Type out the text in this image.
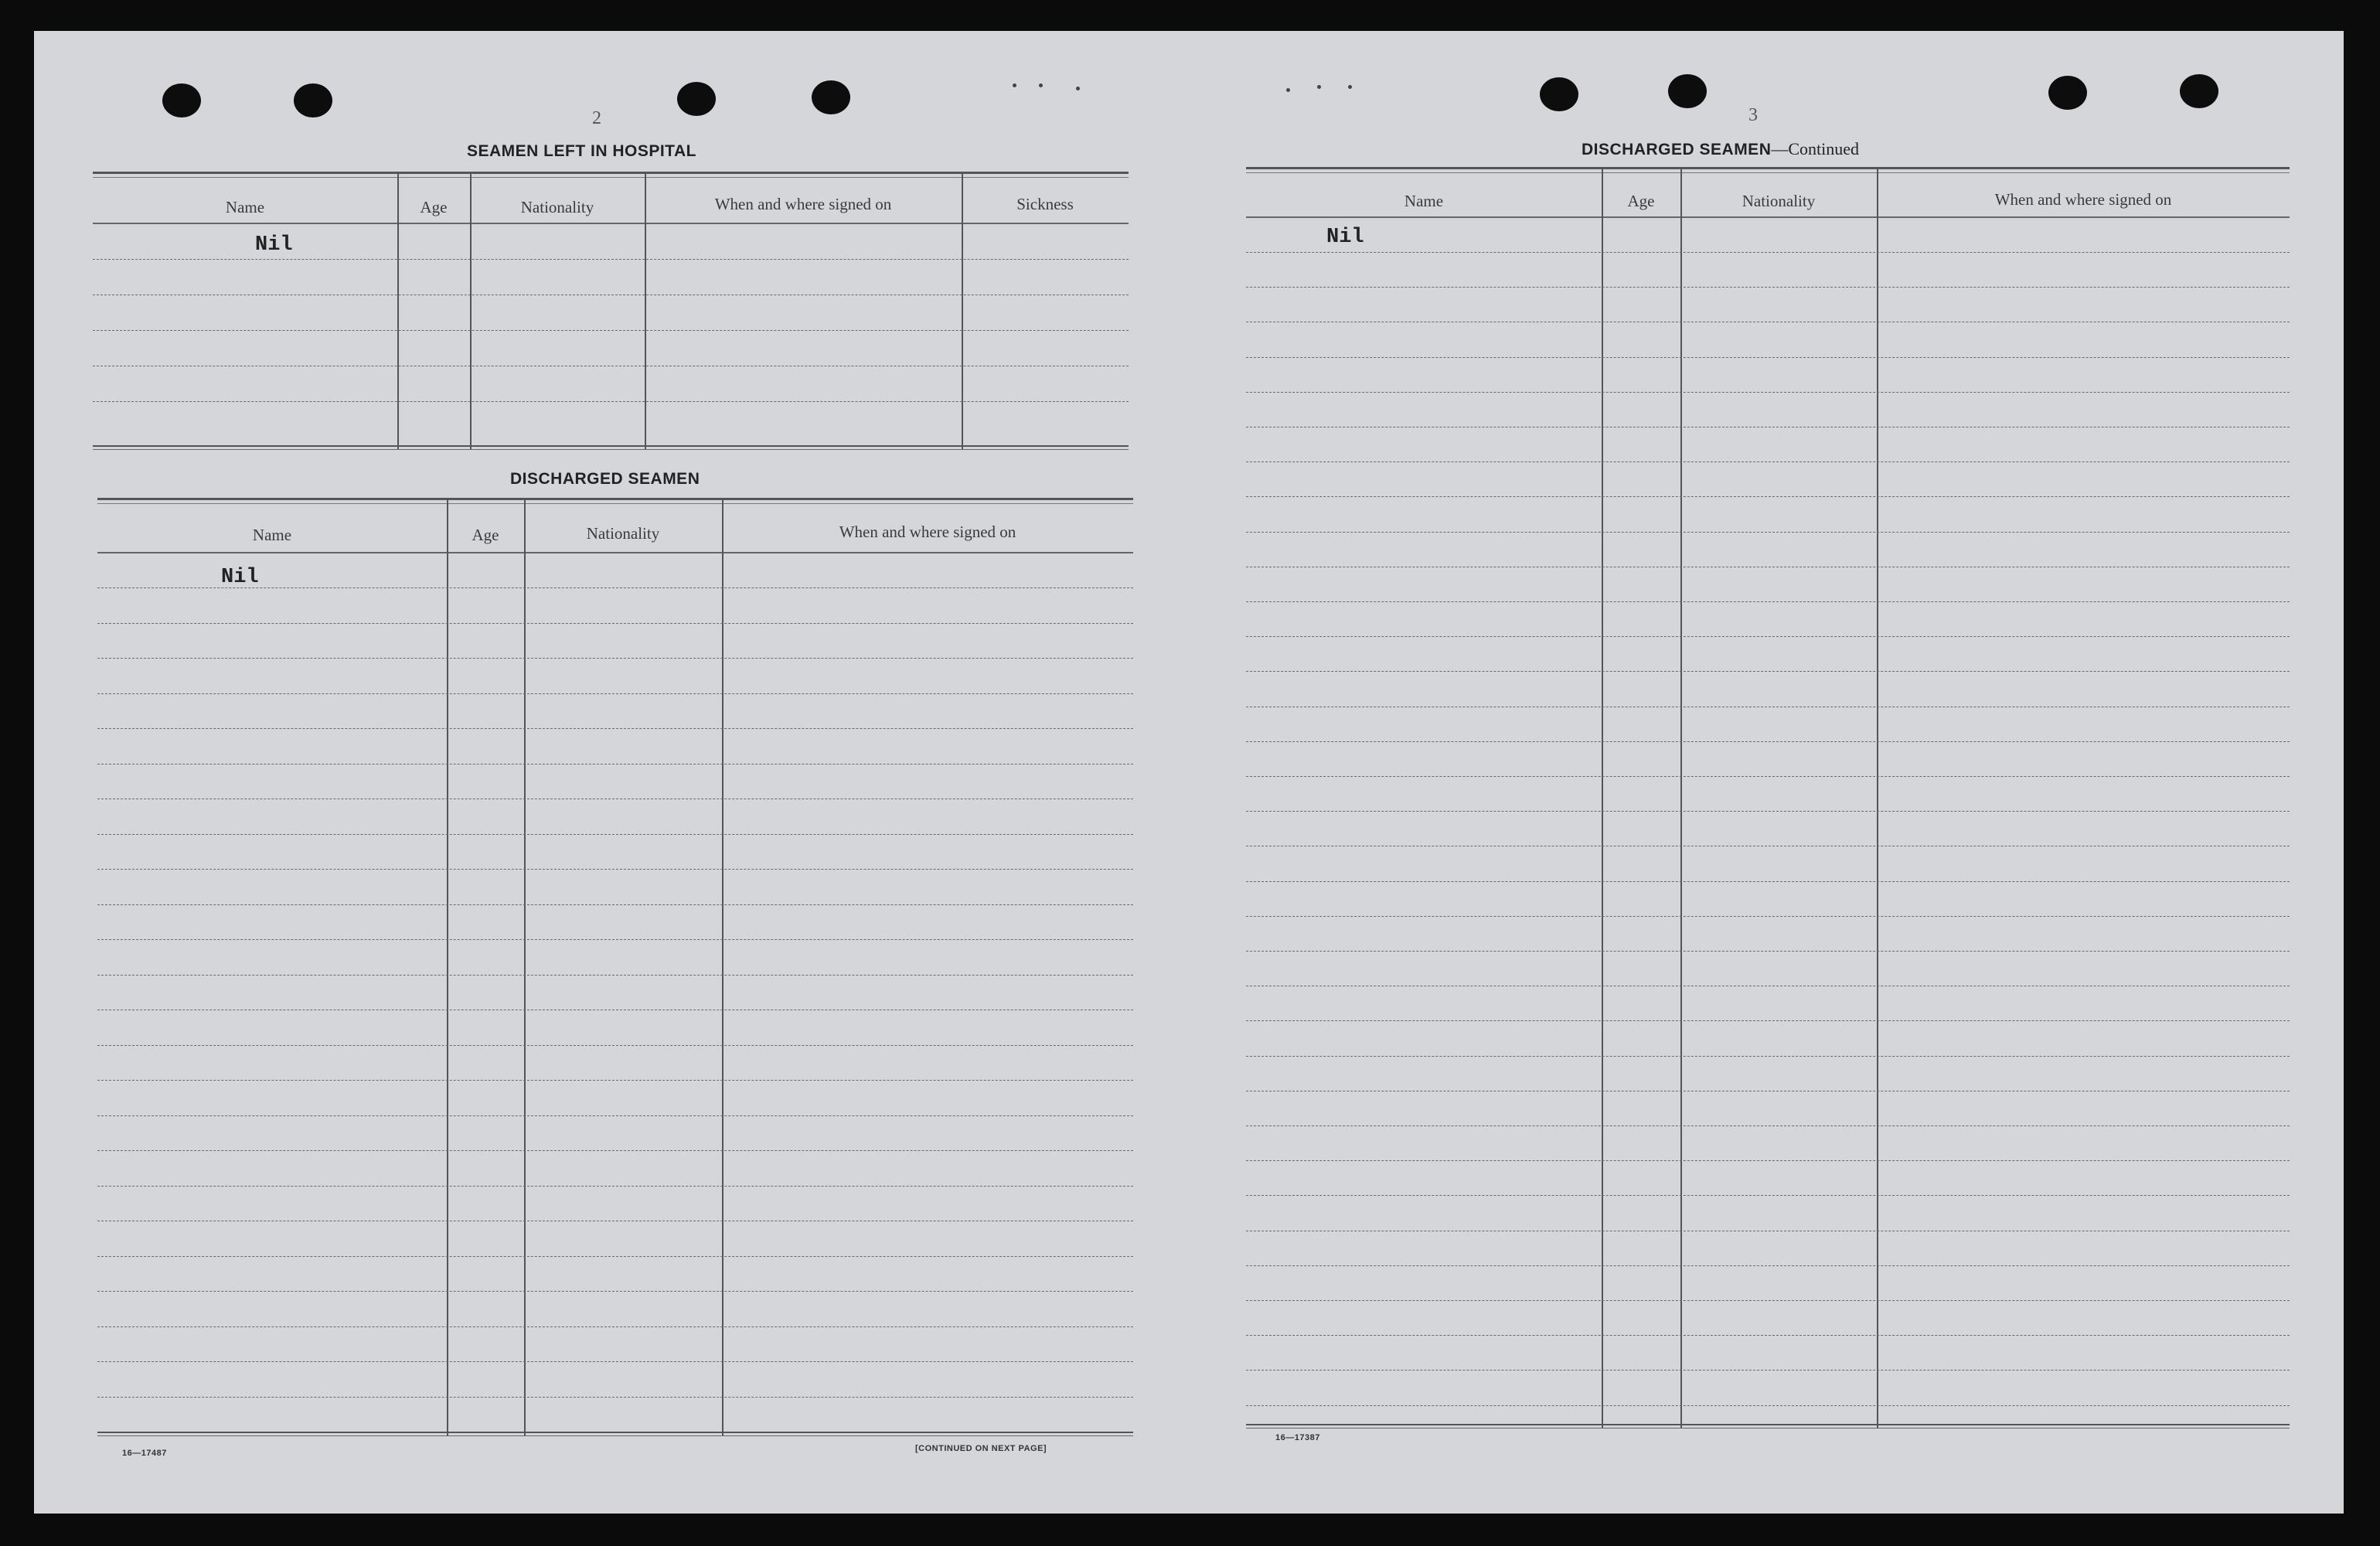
2
SEAMEN LEFT IN HOSPITAL
Name	Age	Nationality	When and where signed on	Sickness
Nil
DISCHARGED SEAMEN
Name	Age	Nationality	When and where signed on
Nil
16—17487	[CONTINUED ON NEXT PAGE]
3
DISCHARGED SEAMEN—Continued
Name	Age	Nationality	When and where signed on
Nil
16—17387
